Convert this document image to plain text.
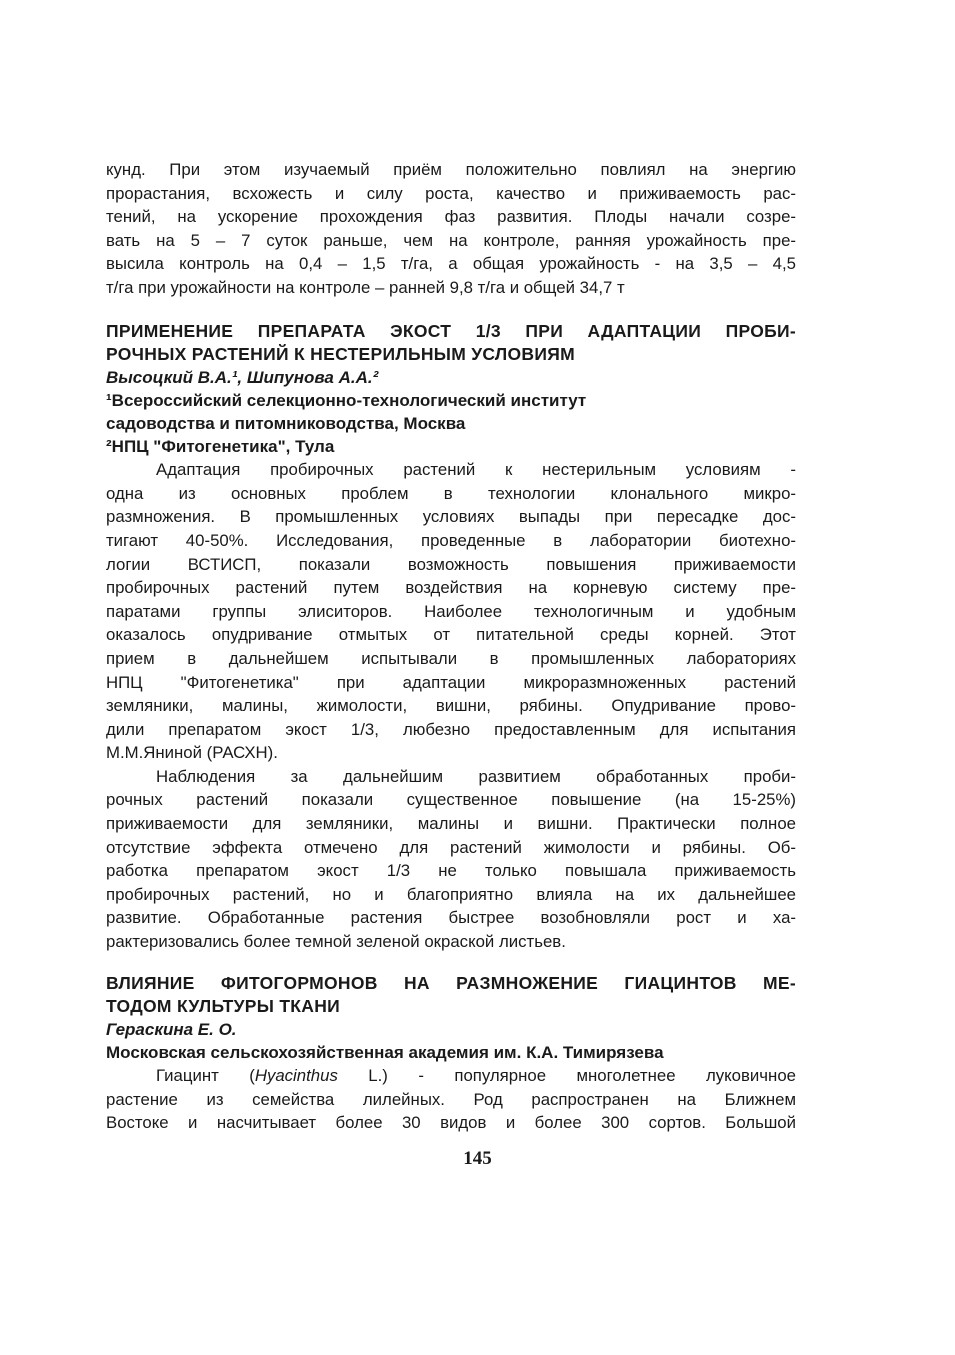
кунд. При этом изучаемый приём положительно повлиял на энергию
прорастания, всхожесть и силу роста, качество и приживаемость рас-
тений, на ускорение прохождения фаз развития. Плоды начали созре-
вать на 5 – 7 суток раньше, чем на контроле, ранняя урожайность пре-
высила контроль на 0,4 – 1,5 т/га, а общая урожайность - на 3,5 – 4,5
т/га при урожайности на контроле – ранней 9,8 т/га и общей 34,7 т
ПРИМЕНЕНИЕ ПРЕПАРАТА ЭКОСТ 1/3 ПРИ АДАПТАЦИИ ПРОБИ-
РОЧНЫХ РАСТЕНИЙ К НЕСТЕРИЛЬНЫМ УСЛОВИЯМ
Высоцкий В.А.¹, Шипунова А.А.²
¹Всероссийский селекционно-технологический институт
садоводства и питомниководства, Москва
²НПЦ "Фитогенетика", Тула
Адаптация пробирочных растений к нестерильным условиям -
одна из основных проблем в технологии клонального микро-
размножения. В промышленных условиях выпады при пересадке дос-
тигают 40-50%. Исследования, проведенные в лаборатории биотехно-
логии ВСТИСП, показали возможность повышения приживаемости
пробирочных растений путем воздействия на корневую систему пре-
паратами группы элиситоров. Наиболее технологичным и удобным
оказалось опудривание отмытых от питательной среды корней. Этот
прием в дальнейшем испытывали в промышленных лабораториях
НПЦ "Фитогенетика" при адаптации микроразмноженных растений
земляники, малины, жимолости, вишни, рябины. Опудривание прово-
дили препаратом экост 1/3, любезно предоставленным для испытания
М.М.Яниной (РАСХН).
Наблюдения за дальнейшим развитием обработанных проби-
рочных растений показали существенное повышение (на 15-25%)
приживаемости для земляники, малины и вишни. Практически полное
отсутствие эффекта отмечено для растений жимолости и рябины. Об-
работка препаратом экост 1/3 не только повышала приживаемость
пробирочных растений, но и благоприятно влияла на их дальнейшее
развитие. Обработанные растения быстрее возобновляли рост и ха-
рактеризовались более темной зеленой окраской листьев.
ВЛИЯНИЕ ФИТОГОРМОНОВ НА РАЗМНОЖЕНИЕ ГИАЦИНТОВ МЕ-
ТОДОМ КУЛЬТУРЫ ТКАНИ
Гераскина Е. О.
Московская сельскохозяйственная академия им. К.А. Тимирязева
Гиацинт (Hyacinthus L.) - популярное многолетнее луковичное
растение из семейства лилейных. Род распространен на Ближнем
Востоке и насчитывает более 30 видов и более 300 сортов. Большой
145
